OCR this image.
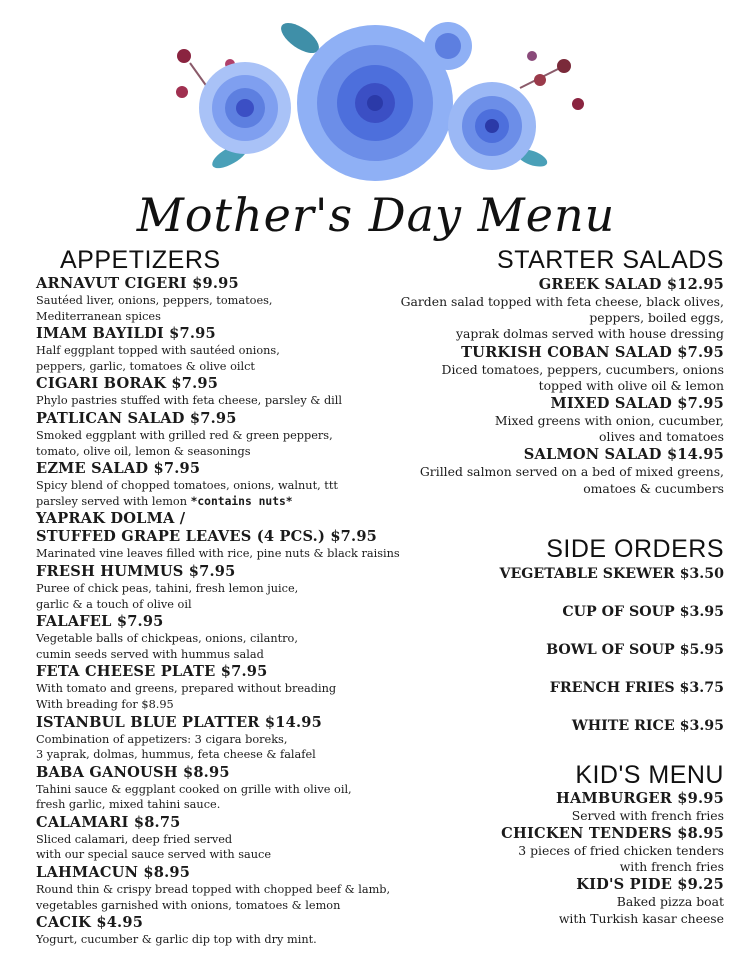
Mother's Day Menu
APPETIZERS
ARNAVUT CIGERI $9.95
Sautéed liver, onions, peppers, tomatoes,
Mediterranean spices
IMAM BAYILDI $7.95
Half eggplant topped with sautéed onions,
peppers, garlic, tomatoes & olive oilct
CIGARI BORAK $7.95
Phylo pastries stuffed with feta cheese, parsley & dill
PATLICAN SALAD $7.95
Smoked eggplant with grilled red & green peppers,
tomato, olive oil, lemon & seasonings
EZME SALAD $7.95
Spicy blend of chopped tomatoes, onions, walnut, ttt
parsley served with lemon *contains nuts*
YAPRAK DOLMA /
STUFFED GRAPE LEAVES (4 PCS.) $7.95
Marinated vine leaves filled with rice, pine nuts & black raisins
FRESH HUMMUS $7.95
Puree of chick peas, tahini, fresh lemon juice,
garlic & a touch of olive oil
FALAFEL $7.95
Vegetable balls of chickpeas, onions, cilantro,
cumin seeds served with hummus salad
FETA CHEESE PLATE $7.95
With tomato and greens, prepared without breading
With breading for $8.95
ISTANBUL BLUE PLATTER $14.95
Combination of appetizers: 3 cigara boreks,
3 yaprak, dolmas, hummus, feta cheese & falafel
BABA GANOUSH $8.95
Tahini sauce & eggplant cooked on grille with olive oil,
fresh garlic, mixed tahini sauce.
CALAMARI $8.75
Sliced calamari, deep fried served
with our special sauce served with sauce
LAHMACUN $8.95
Round thin & crispy bread topped with chopped beef & lamb,
vegetables garnished with onions, tomatoes & lemon
CACIK $4.95
Yogurt, cucumber & garlic dip top with dry mint.
STARTER SALADS
GREEK SALAD $12.95
Garden salad topped with feta cheese, black olives,
peppers, boiled eggs,
yaprak dolmas served with house dressing
TURKISH COBAN SALAD $7.95
Diced tomatoes, peppers, cucumbers, onions
topped with olive oil & lemon
MIXED SALAD $7.95
Mixed greens with onion, cucumber,
olives and tomatoes
SALMON SALAD $14.95
Grilled salmon served on a bed of mixed greens,
omatoes & cucumbers
SIDE ORDERS
VEGETABLE SKEWER $3.50
CUP OF SOUP $3.95
BOWL OF SOUP $5.95
FRENCH FRIES $3.75
WHITE RICE $3.95
KID'S MENU
HAMBURGER $9.95
Served with french fries
CHICKEN TENDERS $8.95
3 pieces of fried chicken tenders
with french fries
KID'S PIDE $9.25
Baked pizza boat
with Turkish kasar cheese
